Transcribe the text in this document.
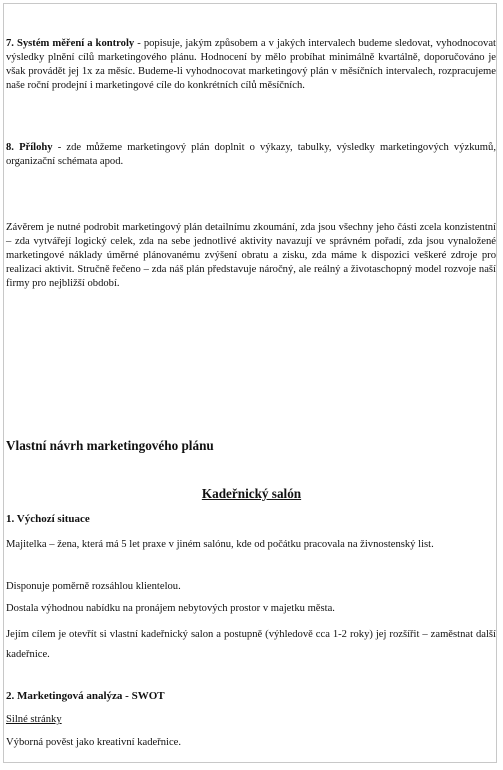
7. Systém měření a kontroly - popisuje, jakým způsobem a v jakých intervalech budeme sledovat, vyhodnocovat výsledky plnění cílů marketingového plánu. Hodnocení by mělo probíhat minimálně kvartálně, doporučováno je však provádět jej 1x za měsíc. Budeme-li vyhodnocovat marketingový plán v měsíčních intervalech, rozpracujeme naše roční prodejní i marketingové cíle do konkrétních cílů měsíčních.

8. Přílohy - zde můžeme marketingový plán doplnit o výkazy, tabulky, výsledky marketingových výzkumů, organizační schémata apod.

Závěrem je nutné podrobit marketingový plán detailnímu zkoumání, zda jsou všechny jeho části zcela konzistentní – zda vytvářejí logický celek, zda na sebe jednotlivé aktivity navazují ve správném pořadí, zda jsou vynaložené marketingové náklady úměrné plánovanému zvýšení obratu a zisku, zda máme k dispozici veškeré zdroje pro realizaci aktivit. Stručně řečeno – zda náš plán představuje náročný, ale reálný a životaschopný model rozvoje naší firmy pro nejbližší období.

Vlastní návrh marketingového plánu

Kadeřnický salón

1. Výchozí situace

Majitelka – žena, která má 5 let praxe v jiném salónu, kde od počátku pracovala na živnostenský list.

Disponuje poměrně rozsáhlou klientelou.

Dostala výhodnou nabídku na pronájem nebytových prostor v majetku města.

Jejím cílem je otevřít si vlastní kadeřnický salon a postupně (výhledově cca 1-2 roky) jej rozšířit – zaměstnat další kadeřnice.

2. Marketingová analýza - SWOT

Silné stránky

Výborná pověst jako kreativní kadeřnice.
